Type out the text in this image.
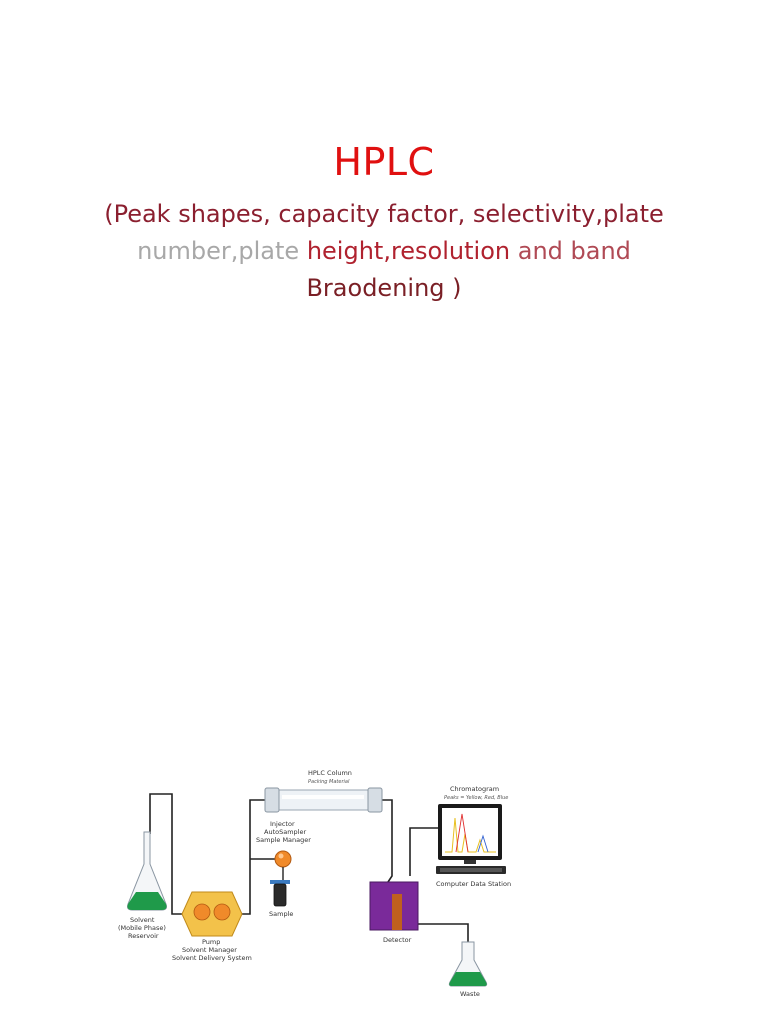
HPLC
(Peak shapes, capacity factor, selectivity,plate number,plate height,resolution and band
Braodening )
HPLC Column
Packing Material
Injector
AutoSampler
Sample Manager
Sample
Solvent
(Mobile Phase)
Reservoir
Pump
Solvent Manager
Solvent Delivery System
Detector
Chromatogram
Peaks = Yellow, Red, Blue
Computer Data Station
Waste
